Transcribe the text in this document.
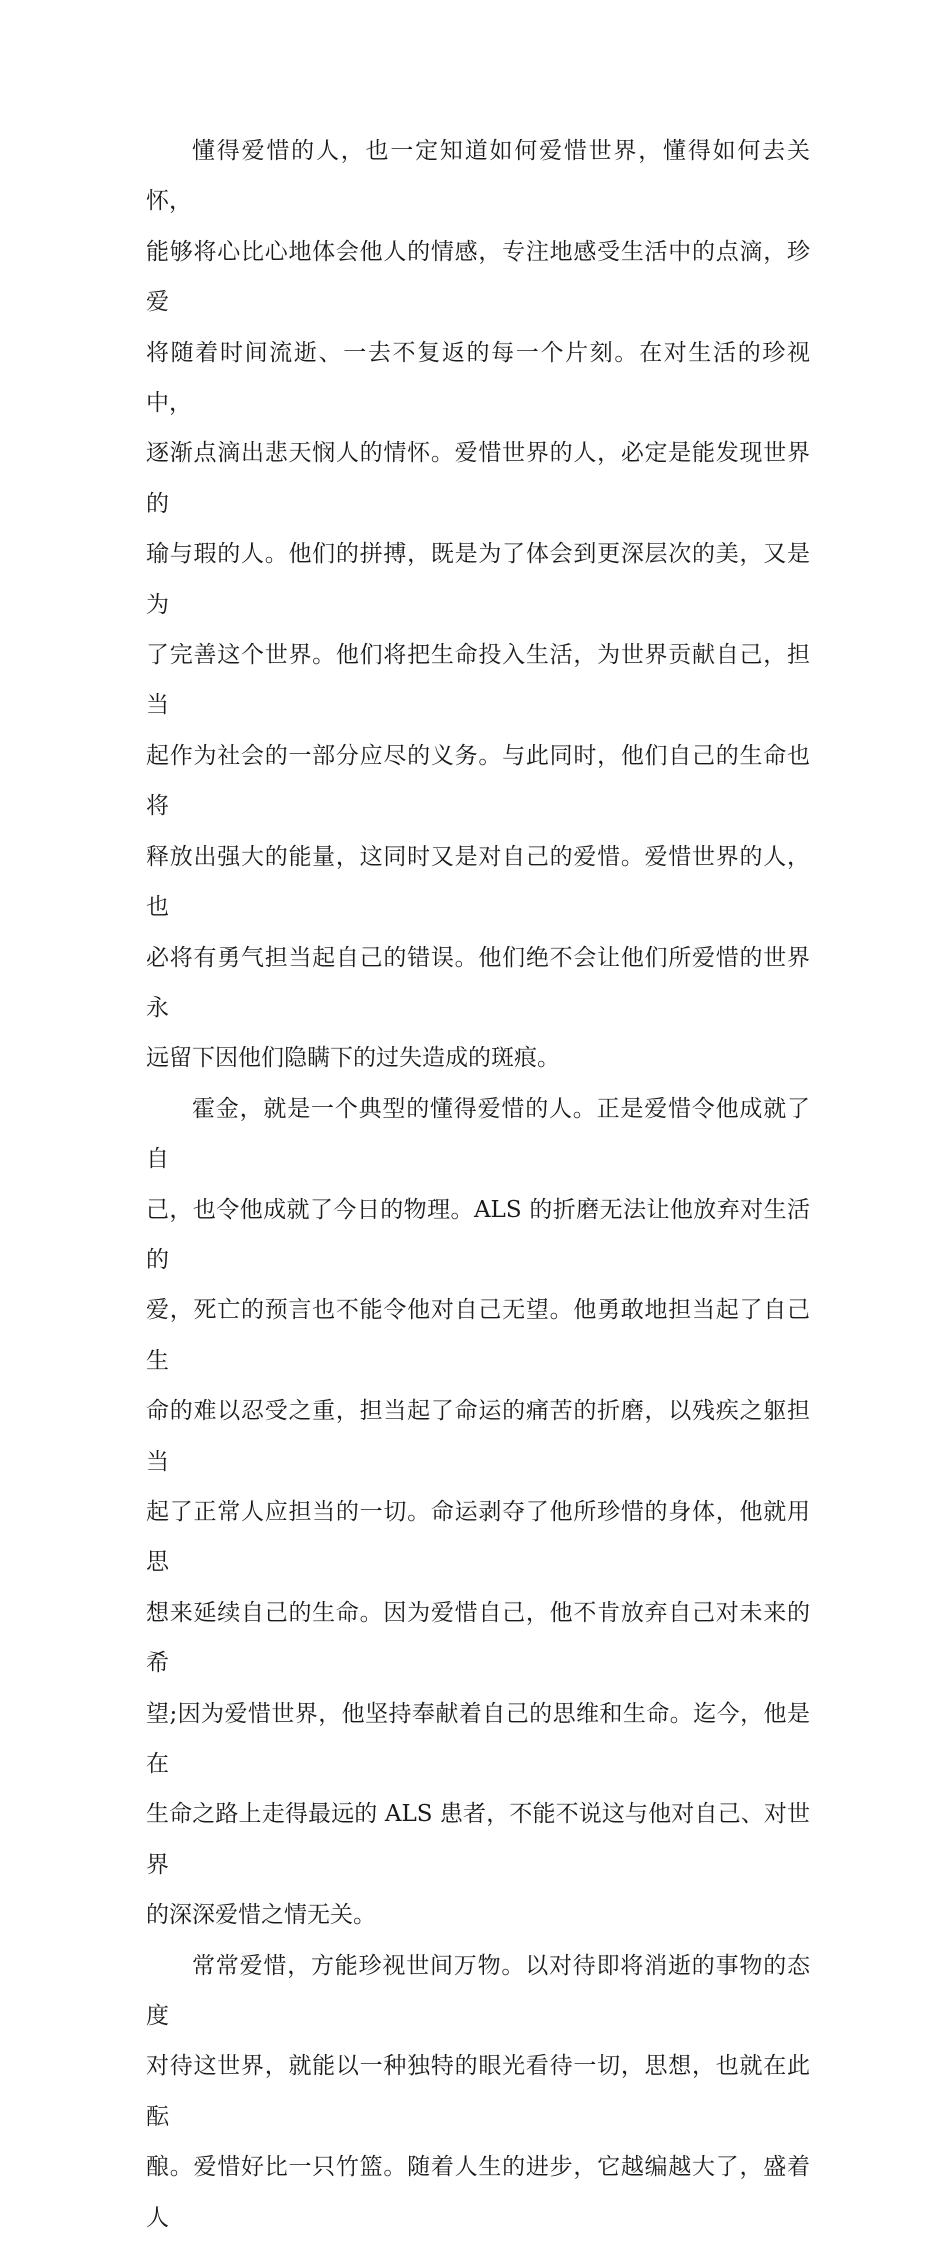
懂得爱惜的人，也一定知道如何爱惜世界，懂得如何去关怀，
能够将心比心地体会他人的情感，专注地感受生活中的点滴，珍爱
将随着时间流逝、一去不复返的每一个片刻。在对生活的珍视中，
逐渐点滴出悲天悯人的情怀。爱惜世界的人，必定是能发现世界的
瑜与瑕的人。他们的拼搏，既是为了体会到更深层次的美，又是为
了完善这个世界。他们将把生命投入生活，为世界贡献自己，担当
起作为社会的一部分应尽的义务。与此同时，他们自己的生命也将
释放出强大的能量，这同时又是对自己的爱惜。爱惜世界的人，也
必将有勇气担当起自己的错误。他们绝不会让他们所爱惜的世界永
远留下因他们隐瞒下的过失造成的斑痕。

霍金，就是一个典型的懂得爱惜的人。正是爱惜令他成就了自
己，也令他成就了今日的物理。ALS 的折磨无法让他放弃对生活的
爱，死亡的预言也不能令他对自己无望。他勇敢地担当起了自己生
命的难以忍受之重，担当起了命运的痛苦的折磨，以残疾之躯担当
起了正常人应担当的一切。命运剥夺了他所珍惜的身体，他就用思
想来延续自己的生命。因为爱惜自己，他不肯放弃自己对未来的希
望;因为爱惜世界，他坚持奉献着自己的思维和生命。迄今，他是在
生命之路上走得最远的 ALS 患者，不能不说这与他对自己、对世界
的深深爱惜之情无关。

常常爱惜，方能珍视世间万物。以对待即将消逝的事物的态度
对待这世界，就能以一种独特的眼光看待一切，思想，也就在此酝
酿。爱惜好比一只竹篮。随着人生的进步，它越编越大了，盛着人
